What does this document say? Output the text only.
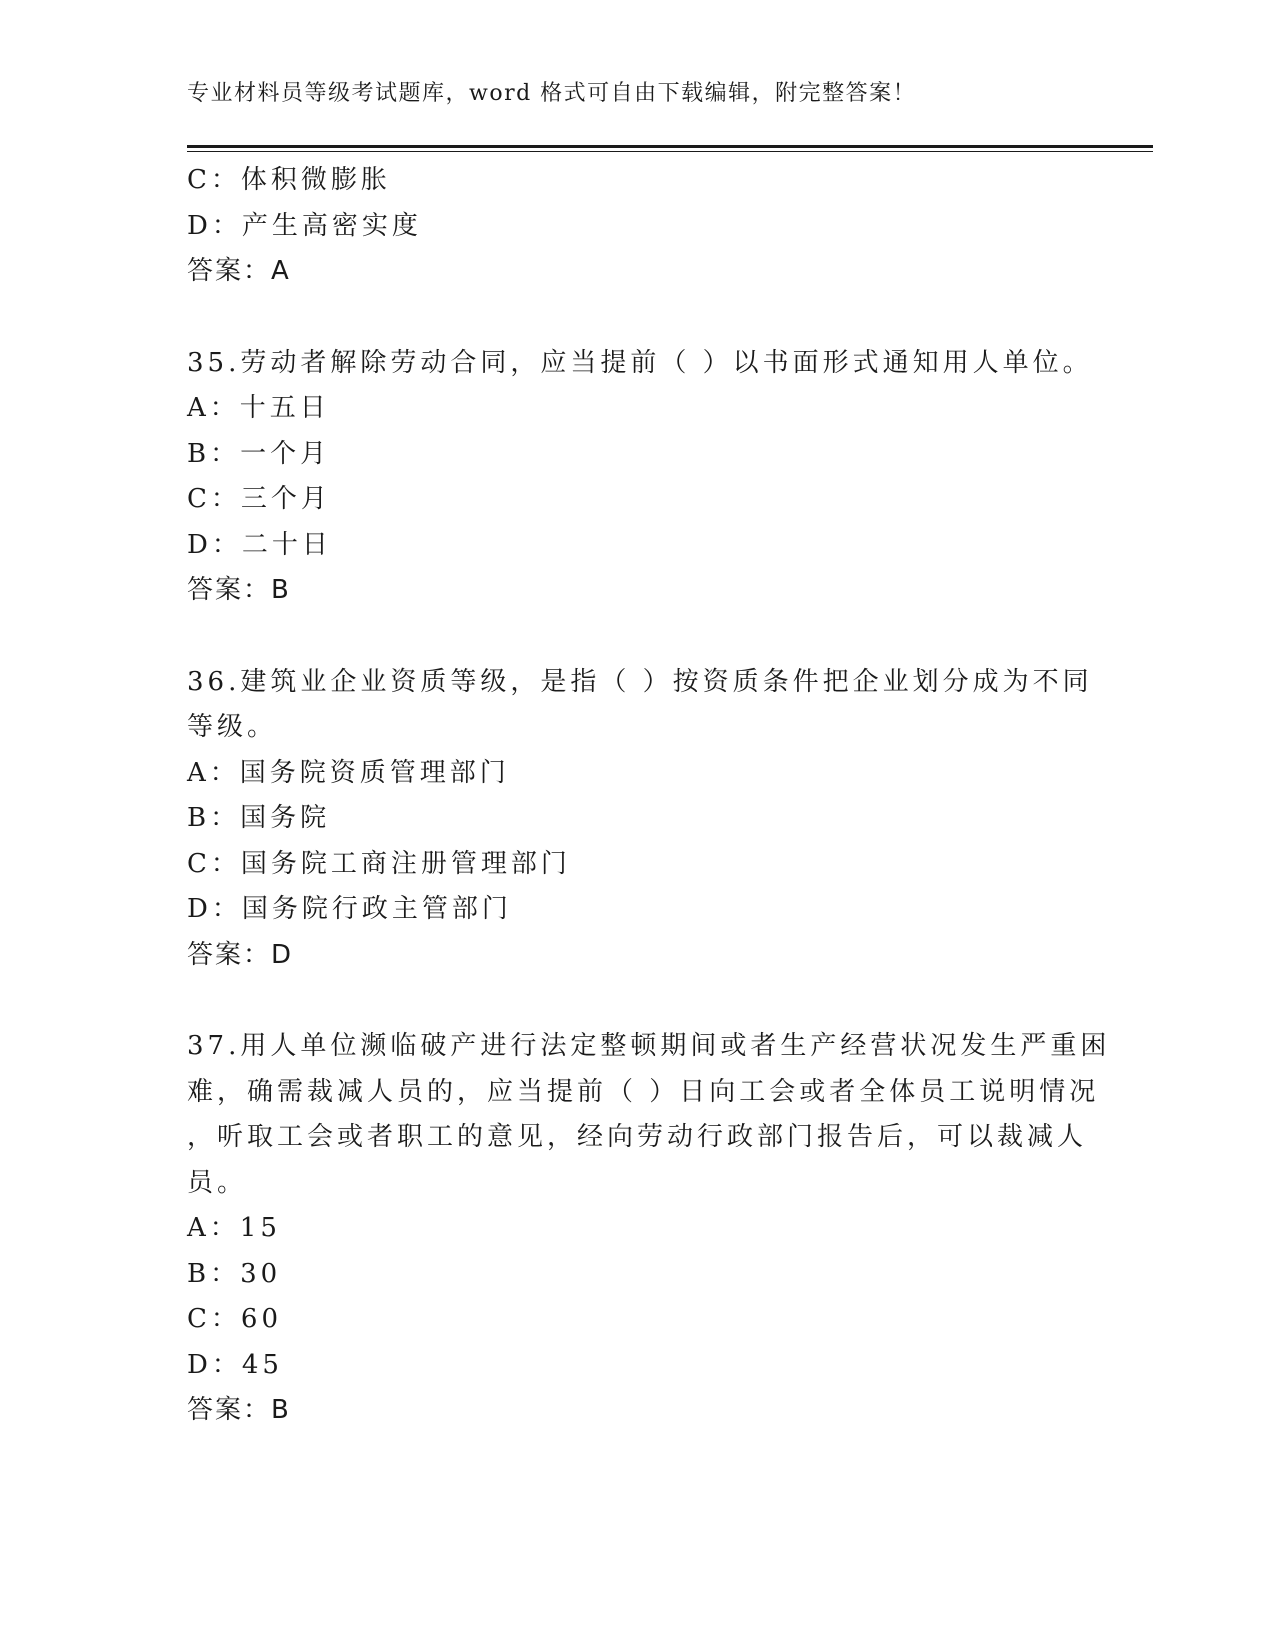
专业材料员等级考试题库，word 格式可自由下载编辑，附完整答案！
C：体积微膨胀
D：产生高密实度
答案：A
35.劳动者解除劳动合同，应当提前（ ）以书面形式通知用人单位。
A：十五日
B：一个月
C：三个月
D：二十日
答案：B
36.建筑业企业资质等级，是指（ ）按资质条件把企业划分成为不同
等级。
A：国务院资质管理部门
B：国务院
C：国务院工商注册管理部门
D：国务院行政主管部门
答案：D
37.用人单位濒临破产进行法定整顿期间或者生产经营状况发生严重困
难，确需裁减人员的，应当提前（ ）日向工会或者全体员工说明情况
，听取工会或者职工的意见，经向劳动行政部门报告后，可以裁减人
员。
A：15
B：30
C：60
D：45
答案：B
